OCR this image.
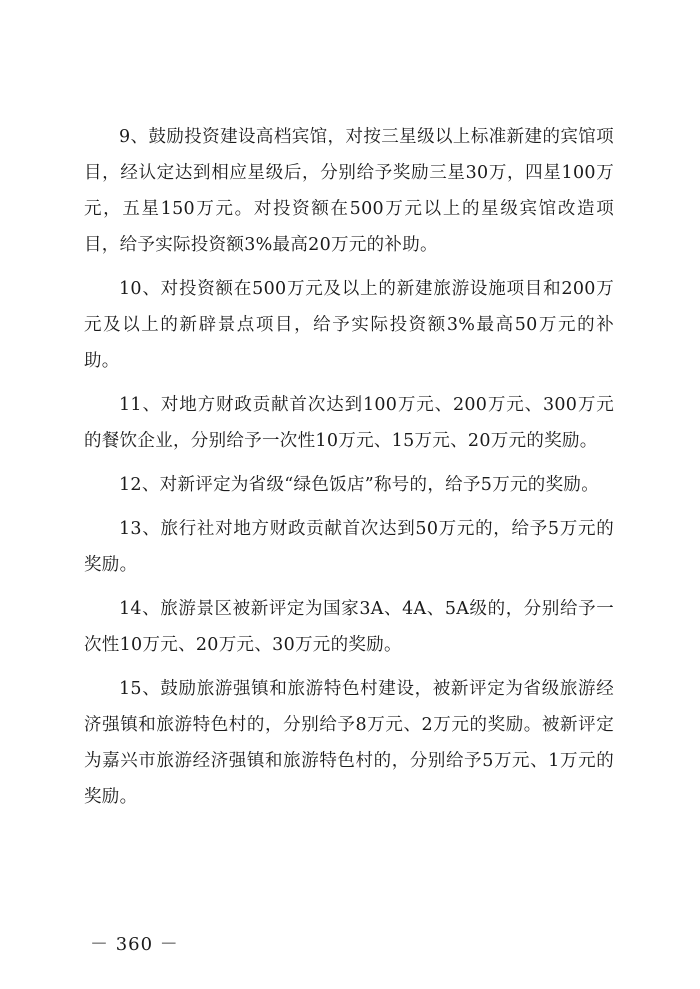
9、鼓励投资建设高档宾馆，对按三星级以上标准新建的宾馆项目，经认定达到相应星级后，分别给予奖励三星30万，四星100万元，五星150万元。对投资额在500万元以上的星级宾馆改造项目，给予实际投资额3%最高20万元的补助。

10、对投资额在500万元及以上的新建旅游设施项目和200万元及以上的新辟景点项目，给予实际投资额3%最高50万元的补助。

11、对地方财政贡献首次达到100万元、200万元、300万元的餐饮企业，分别给予一次性10万元、15万元、20万元的奖励。

12、对新评定为省级“绿色饭店”称号的，给予5万元的奖励。

13、旅行社对地方财政贡献首次达到50万元的，给予5万元的奖励。

14、旅游景区被新评定为国家3A、4A、5A级的，分别给予一次性10万元、20万元、30万元的奖励。

15、鼓励旅游强镇和旅游特色村建设，被新评定为省级旅游经济强镇和旅游特色村的，分别给予8万元、2万元的奖励。被新评定为嘉兴市旅游经济强镇和旅游特色村的，分别给予5万元、1万元的奖励。

－ 360 －
